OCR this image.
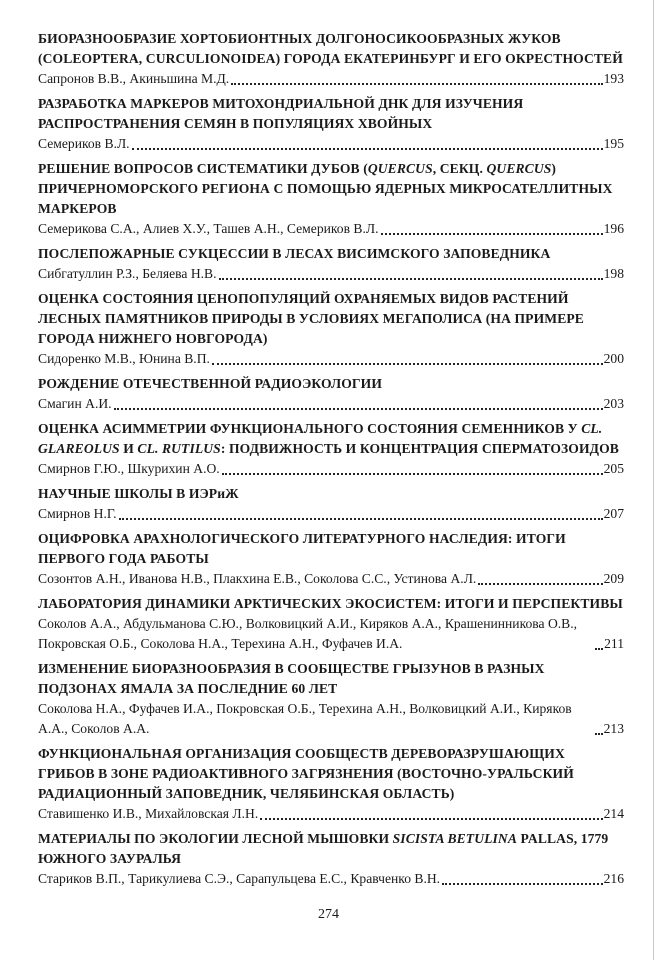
БИОРАЗНООБРАЗИЕ ХОРТОБИОНТНЫХ ДОЛГОНОСИКООБРАЗНЫХ ЖУКОВ (COLEOPTERA, CURCULIONOIDEA) ГОРОДА ЕКАТЕРИНБУРГ И ЕГО ОКРЕСТНОСТЕЙ
Сапронов В.В., Акиньшина М.Д.	193
РАЗРАБОТКА МАРКЕРОВ МИТОХОНДРИАЛЬНОЙ ДНК ДЛЯ ИЗУЧЕНИЯ РАСПРОСТРАНЕНИЯ СЕМЯН В ПОПУЛЯЦИЯХ ХВОЙНЫХ
Семериков В.Л.	195
РЕШЕНИЕ ВОПРОСОВ СИСТЕМАТИКИ ДУБОВ (QUERCUS, СЕКЦ. QUERCUS) ПРИЧЕРНОМОРСКОГО РЕГИОНА С ПОМОЩЬЮ ЯДЕРНЫХ МИКРОСАТЕЛЛИТНЫХ МАРКЕРОВ
Семерикова С.А., Алиев Х.У., Ташев А.Н., Семериков В.Л.	196
ПОСЛЕПОЖАРНЫЕ СУКЦЕССИИ В ЛЕСАХ ВИСИМСКОГО ЗАПОВЕДНИКА
Сибгатуллин Р.З., Беляева Н.В.	198
ОЦЕНКА СОСТОЯНИЯ ЦЕНОПОПУЛЯЦИЙ ОХРАНЯЕМЫХ ВИДОВ РАСТЕНИЙ ЛЕСНЫХ ПАМЯТНИКОВ ПРИРОДЫ В УСЛОВИЯХ МЕГАПОЛИСА (НА ПРИМЕРЕ ГОРОДА НИЖНЕГО НОВГОРОДА)
Сидоренко М.В., Юнина В.П.	200
РОЖДЕНИЕ ОТЕЧЕСТВЕННОЙ РАДИОЭКОЛОГИИ
Смагин А.И.	203
ОЦЕНКА АСИММЕТРИИ ФУНКЦИОНАЛЬНОГО СОСТОЯНИЯ СЕМЕННИКОВ У CL. GLAREOLUS И CL. RUTILUS: ПОДВИЖНОСТЬ И КОНЦЕНТРАЦИЯ СПЕРМАТОЗОИДОВ
Смирнов Г.Ю., Шкурихин А.О.	205
НАУЧНЫЕ ШКОЛЫ В ИЭРиЖ
Смирнов Н.Г.	207
ОЦИФРОВКА АРАХНОЛОГИЧЕСКОГО ЛИТЕРАТУРНОГО НАСЛЕДИЯ: ИТОГИ ПЕРВОГО ГОДА РАБОТЫ
Созонтов А.Н., Иванова Н.В., Плакхина Е.В., Соколова С.С., Устинова А.Л.	209
ЛАБОРАТОРИЯ ДИНАМИКИ АРКТИЧЕСКИХ ЭКОСИСТЕМ: ИТОГИ И ПЕРСПЕКТИВЫ
Соколов А.А., Абдульманова С.Ю., Волковицкий А.И., Киряков А.А., Крашенинникова О.В., Покровская О.Б., Соколова Н.А., Терехина А.Н., Фуфачев И.А.	211
ИЗМЕНЕНИЕ БИОРАЗНООБРАЗИЯ В СООБЩЕСТВЕ ГРЫЗУНОВ В РАЗНЫХ ПОДЗОНАХ ЯМАЛА ЗА ПОСЛЕДНИЕ 60 ЛЕТ
Соколова Н.А., Фуфачев И.А., Покровская О.Б., Терехина А.Н., Волковицкий А.И., Киряков А.А., Соколов А.А.	213
ФУНКЦИОНАЛЬНАЯ ОРГАНИЗАЦИЯ СООБЩЕСТВ ДЕРЕВОРАЗРУШАЮЩИХ ГРИБОВ В ЗОНЕ РАДИОАКТИВНОГО ЗАГРЯЗНЕНИЯ (ВОСТОЧНО-УРАЛЬСКИЙ РАДИАЦИОННЫЙ ЗАПОВЕДНИК, ЧЕЛЯБИНСКАЯ ОБЛАСТЬ)
Ставишенко И.В., Михайловская Л.Н.	214
МАТЕРИАЛЫ ПО ЭКОЛОГИИ ЛЕСНОЙ МЫШОВКИ SICISTA BETULINA PALLAS, 1779 ЮЖНОГО ЗАУРАЛЬЯ
Стариков В.П., Тарикулиева С.Э., Сарапульцева Е.С., Кравченко В.Н.	216
274
